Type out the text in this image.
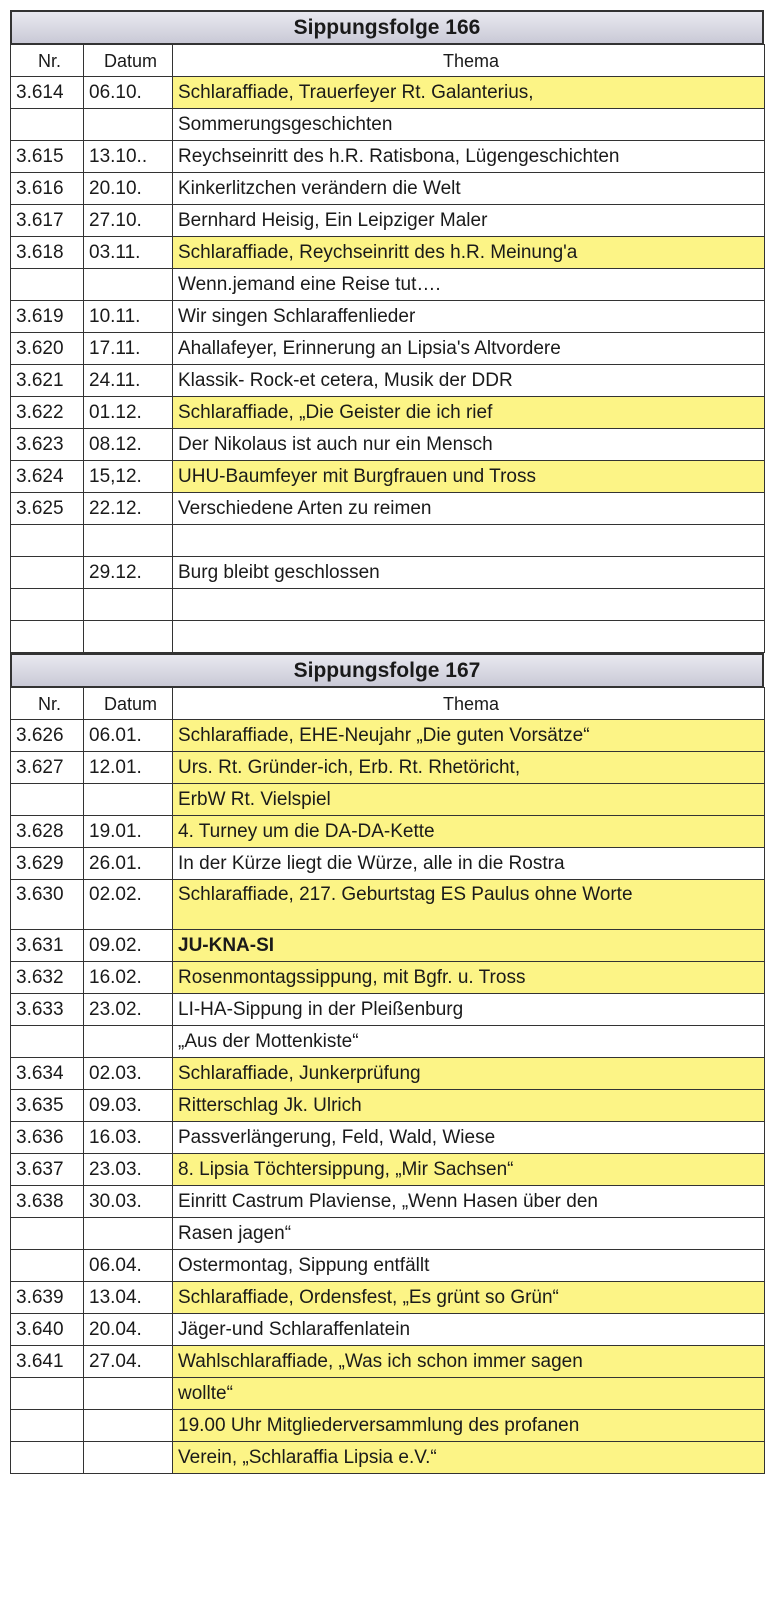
Sippungsfolge 166
Nr.	Datum	Thema
3.614	06.10.	Schlaraffiade, Trauerfeyer Rt. Galanterius,
		Sommerungsgeschichten
3.615	13.10..	Reychseinritt des h.R. Ratisbona, Lügengeschichten
3.616	20.10.	Kinkerlitzchen verändern die Welt
3.617	27.10.	Bernhard Heisig, Ein Leipziger Maler
3.618	03.11.	Schlaraffiade, Reychseinritt des h.R. Meinung'a
		Wenn.jemand eine Reise tut….
3.619	10.11.	Wir singen Schlaraffenlieder
3.620	17.11.	Ahallafeyer, Erinnerung an Lipsia's Altvordere
3.621	24.11.	Klassik- Rock-et cetera, Musik der DDR
3.622	01.12.	Schlaraffiade, „Die Geister die ich rief
3.623	08.12.	Der Nikolaus ist auch nur ein Mensch
3.624	15,12.	UHU-Baumfeyer mit Burgfrauen und Tross
3.625	22.12.	Verschiedene Arten zu reimen

	29.12.	Burg bleibt geschlossen

Sippungsfolge 167
Nr.	Datum	Thema
3.626	06.01.	Schlaraffiade, EHE-Neujahr „Die guten Vorsätze“
3.627	12.01.	Urs. Rt. Gründer-ich, Erb. Rt. Rhetöricht,
		ErbW Rt. Vielspiel
3.628	19.01.	4. Turney um die DA-DA-Kette
3.629	26.01.	In der Kürze liegt die Würze, alle in die Rostra
3.630	02.02.	Schlaraffiade, 217. Geburtstag ES Paulus ohne Worte
3.631	09.02.	JU-KNA-SI
3.632	16.02.	Rosenmontagssippung, mit Bgfr. u. Tross
3.633	23.02.	LI-HA-Sippung in der Pleißenburg
		„Aus der Mottenkiste“
3.634	02.03.	Schlaraffiade, Junkerprüfung
3.635	09.03.	Ritterschlag Jk. Ulrich
3.636	16.03.	Passverlängerung, Feld, Wald, Wiese
3.637	23.03.	8. Lipsia Töchtersippung, „Mir Sachsen“
3.638	30.03.	Einritt Castrum Plaviense, „Wenn Hasen über den
		Rasen jagen“
	06.04.	Ostermontag, Sippung entfällt
3.639	13.04.	Schlaraffiade, Ordensfest, „Es grünt so Grün“
3.640	20.04.	Jäger-und Schlaraffenlatein
3.641	27.04.	Wahlschlaraffiade, „Was ich schon immer sagen
		wollte“
		19.00 Uhr Mitgliederversammlung des profanen
		Verein, „Schlaraffia Lipsia e.V.“
